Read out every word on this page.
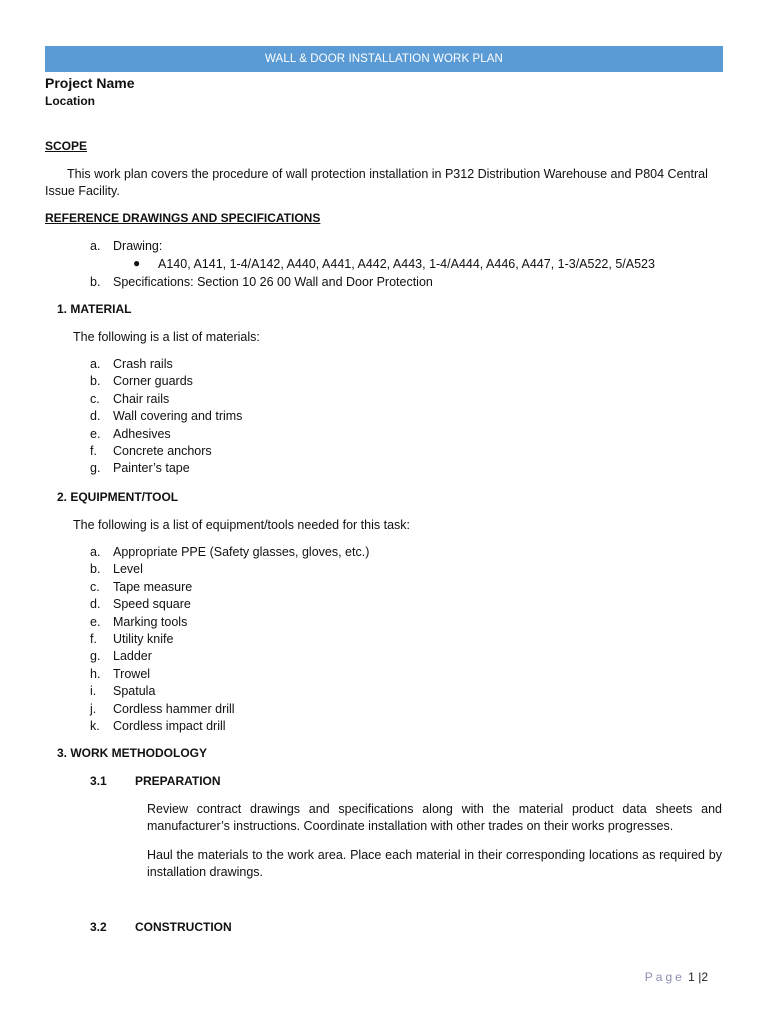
WALL & DOOR INSTALLATION WORK PLAN
Project Name
Location
SCOPE
This work plan covers the procedure of wall protection installation in P312 Distribution Warehouse and P804 Central Issue Facility.
REFERENCE DRAWINGS AND SPECIFICATIONS
a. Drawing:
● A140, A141, 1-4/A142, A440, A441, A442, A443, 1-4/A444, A446, A447, 1-3/A522, 5/A523
b. Specifications: Section 10 26 00 Wall and Door Protection
1. MATERIAL
The following is a list of materials:
a. Crash rails
b. Corner guards
c. Chair rails
d. Wall covering and trims
e. Adhesives
f. Concrete anchors
g. Painter’s tape
2. EQUIPMENT/TOOL
The following is a list of equipment/tools needed for this task:
a. Appropriate PPE (Safety glasses, gloves, etc.)
b. Level
c. Tape measure
d. Speed square
e. Marking tools
f. Utility knife
g. Ladder
h. Trowel
i. Spatula
j. Cordless hammer drill
k. Cordless impact drill
3. WORK METHODOLOGY
3.1 PREPARATION
Review contract drawings and specifications along with the material product data sheets and manufacturer’s instructions. Coordinate installation with other trades on their works progresses.
Haul the materials to the work area. Place each material in their corresponding locations as required by installation drawings.
3.2 CONSTRUCTION
Page 1 |2
